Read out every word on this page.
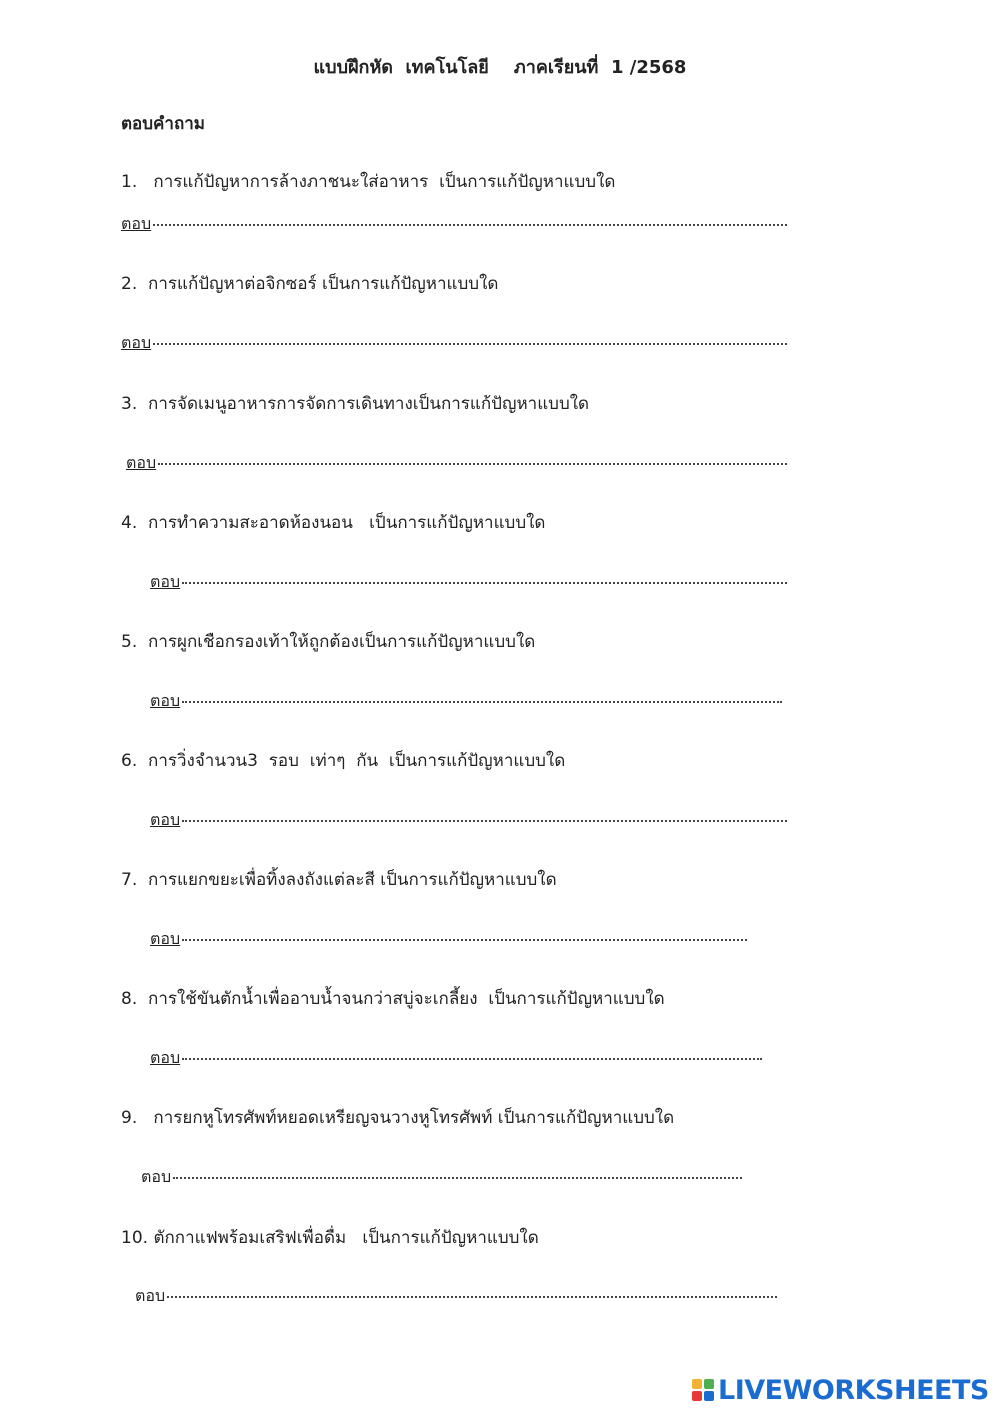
แบบฝึกหัด  เทคโนโลยี    ภาคเรียนที่  1 /2568
ตอบคำถาม
1.   การแก้ปัญหาการล้างภาชนะใส่อาหาร  เป็นการแก้ปัญหาแบบใด
ตอบ
2.  การแก้ปัญหาต่อจิกซอร์ เป็นการแก้ปัญหาแบบใด
ตอบ
3.  การจัดเมนูอาหารการจัดการเดินทางเป็นการแก้ปัญหาแบบใด
ตอบ
4.  การทำความสะอาดห้องนอน   เป็นการแก้ปัญหาแบบใด
ตอบ
5.  การผูกเชือกรองเท้าให้ถูกต้องเป็นการแก้ปัญหาแบบใด
ตอบ
6.  การวิ่งจำนวน3  รอบ  เท่าๆ  กัน  เป็นการแก้ปัญหาแบบใด
ตอบ
7.  การแยกขยะเพื่อทิ้งลงถังแต่ละสี เป็นการแก้ปัญหาแบบใด
ตอบ
8.  การใช้ขันตักน้ำเพื่ออาบน้ำจนกว่าสบู่จะเกลี้ยง  เป็นการแก้ปัญหาแบบใด
ตอบ
9.   การยกหูโทรศัพท์หยอดเหรียญจนวางหูโทรศัพท์ เป็นการแก้ปัญหาแบบใด
ตอบ
10. ตักกาแฟพร้อมเสริฟเพื่อดื่ม   เป็นการแก้ปัญหาแบบใด
ตอบ
LIVEWORKSHEETS
